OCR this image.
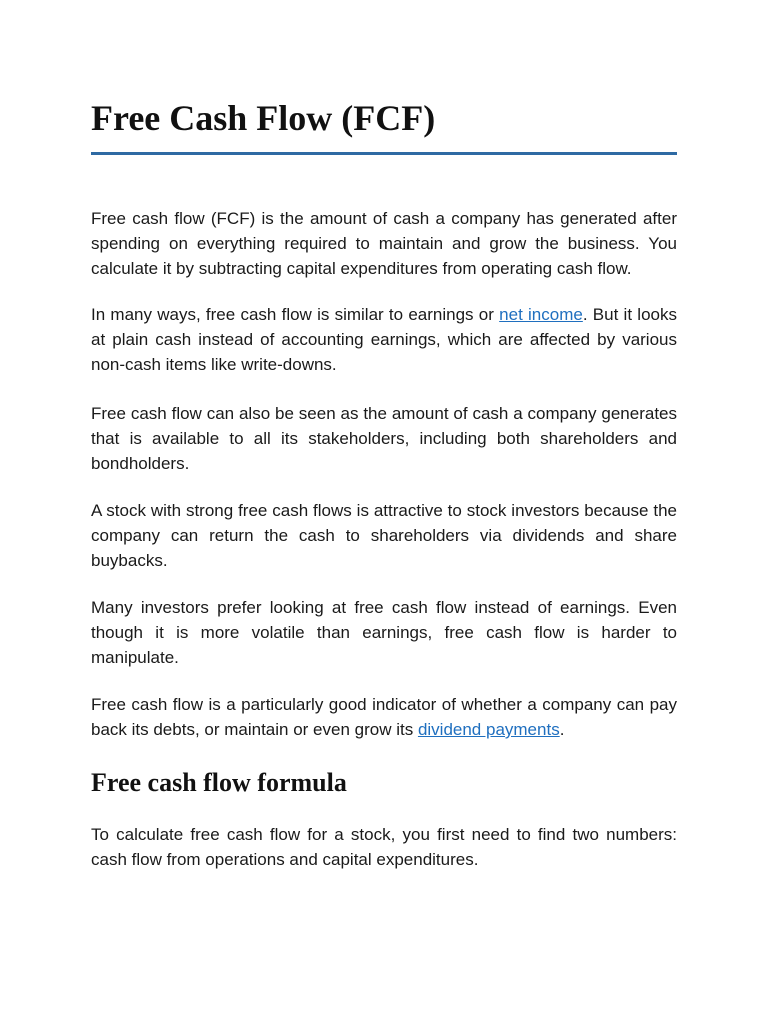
Free Cash Flow (FCF)

Free cash flow (FCF) is the amount of cash a company has generated after spending on everything required to maintain and grow the business. You calculate it by subtracting capital expenditures from operating cash flow.

In many ways, free cash flow is similar to earnings or net income. But it looks at plain cash instead of accounting earnings, which are affected by various non-cash items like write-downs.

Free cash flow can also be seen as the amount of cash a company generates that is available to all its stakeholders, including both shareholders and bondholders.

A stock with strong free cash flows is attractive to stock investors because the company can return the cash to shareholders via dividends and share buybacks.

Many investors prefer looking at free cash flow instead of earnings. Even though it is more volatile than earnings, free cash flow is harder to manipulate.

Free cash flow is a particularly good indicator of whether a company can pay back its debts, or maintain or even grow its dividend payments.

Free cash flow formula

To calculate free cash flow for a stock, you first need to find two numbers: cash flow from operations and capital expenditures.
